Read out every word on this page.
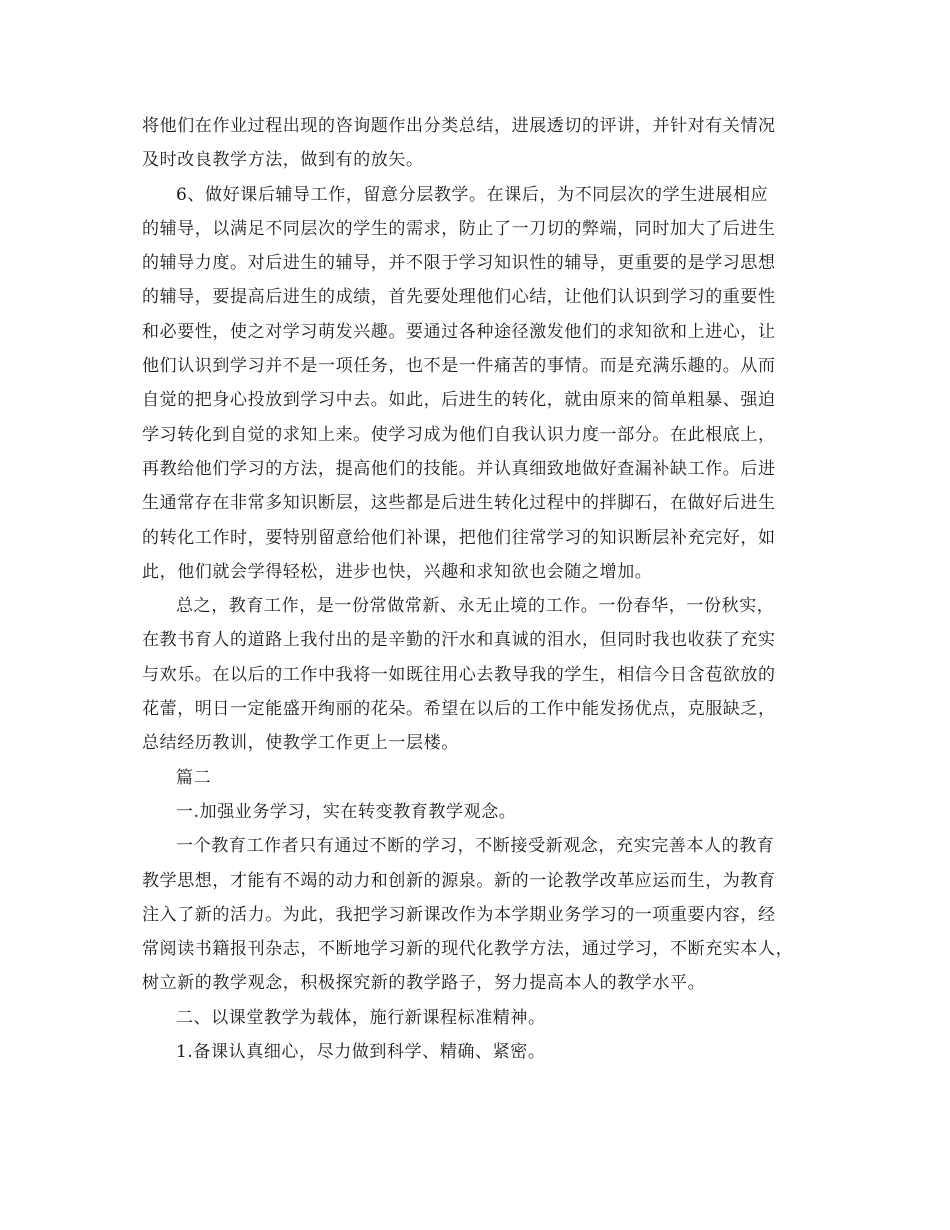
将他们在作业过程出现的咨询题作出分类总结，进展透切的评讲，并针对有关情况
及时改良教学方法，做到有的放矢。
6、做好课后辅导工作，留意分层教学。在课后，为不同层次的学生进展相应
的辅导，以满足不同层次的学生的需求，防止了一刀切的弊端，同时加大了后进生
的辅导力度。对后进生的辅导，并不限于学习知识性的辅导，更重要的是学习思想
的辅导，要提高后进生的成绩，首先要处理他们心结，让他们认识到学习的重要性
和必要性，使之对学习萌发兴趣。要通过各种途径激发他们的求知欲和上进心，让
他们认识到学习并不是一项任务，也不是一件痛苦的事情。而是充满乐趣的。从而
自觉的把身心投放到学习中去。如此，后进生的转化，就由原来的简单粗暴、强迫
学习转化到自觉的求知上来。使学习成为他们自我认识力度一部分。在此根底上，
再教给他们学习的方法，提高他们的技能。并认真细致地做好查漏补缺工作。后进
生通常存在非常多知识断层，这些都是后进生转化过程中的拌脚石，在做好后进生
的转化工作时，要特别留意给他们补课，把他们往常学习的知识断层补充完好，如
此，他们就会学得轻松，进步也快，兴趣和求知欲也会随之增加。
总之，教育工作，是一份常做常新、永无止境的工作。一份春华，一份秋实，
在教书育人的道路上我付出的是辛勤的汗水和真诚的泪水，但同时我也收获了充实
与欢乐。在以后的工作中我将一如既往用心去教导我的学生，相信今日含苞欲放的
花蕾，明日一定能盛开绚丽的花朵。希望在以后的工作中能发扬优点，克服缺乏，
总结经历教训，使教学工作更上一层楼。
篇二
一.加强业务学习，实在转变教育教学观念。
一个教育工作者只有通过不断的学习，不断接受新观念，充实完善本人的教育
教学思想，才能有不竭的动力和创新的源泉。新的一论教学改革应运而生，为教育
注入了新的活力。为此，我把学习新课改作为本学期业务学习的一项重要内容，经
常阅读书籍报刊杂志，不断地学习新的现代化教学方法，通过学习，不断充实本人，
树立新的教学观念，积极探究新的教学路子，努力提高本人的教学水平。
二、以课堂教学为载体，施行新课程标准精神。
1.备课认真细心，尽力做到科学、精确、紧密。
